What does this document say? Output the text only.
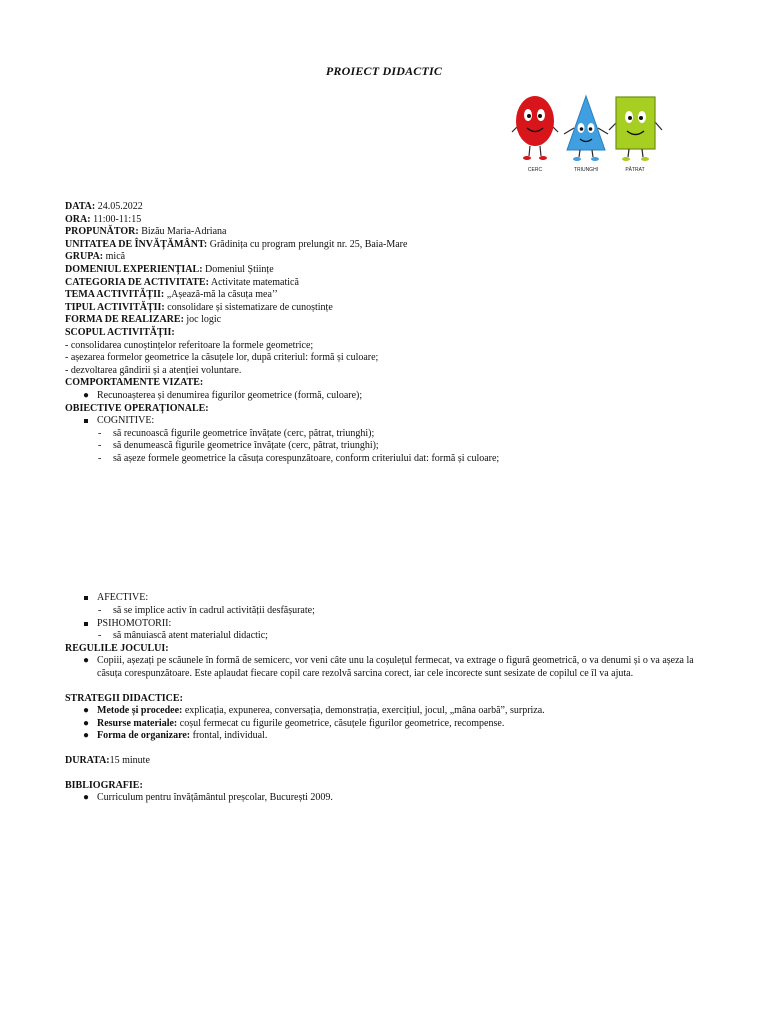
PROIECT DIDACTIC
CERC	TRIUNGHI	PĂTRAT
DATA: 24.05.2022
ORA: 11:00-11:15
PROPUNĂTOR: Bizău Maria-Adriana
UNITATEA DE ÎNVĂȚĂMÂNT: Grădinița cu program prelungit nr. 25, Baia-Mare
GRUPA: mică
DOMENIUL EXPERIENȚIAL: Domeniul Științe
CATEGORIA DE ACTIVITATE: Activitate matematică
TEMA ACTIVITĂȚII: „Așează-mă la căsuța mea’’
TIPUL ACTIVITĂȚII: consolidare și sistematizare de cunoștințe
FORMA DE REALIZARE: joc logic
SCOPUL ACTIVITĂȚII:
- consolidarea cunoștințelor referitoare la formele geometrice;
- așezarea formelor geometrice la căsuțele lor, după criteriul: formă și culoare;
- dezvoltarea gândirii și a atenției voluntare.
COMPORTAMENTE VIZATE:
● Recunoașterea și denumirea figurilor geometrice (formă, culoare);
OBIECTIVE OPERAȚIONALE:
COGNITIVE:
- să recunoască figurile geometrice învățate (cerc, pătrat, triunghi);
- să denumească figurile geometrice învățate (cerc, pătrat, triunghi);
- să așeze formele geometrice la căsuța corespunzătoare, conform criteriului dat: formă și culoare;
AFECTIVE:
- să se implice activ în cadrul activității desfășurate;
PSIHOMOTORII:
- să mânuiască atent materialul didactic;
REGULILE JOCULUI:
● Copiii, așezați pe scăunele în formă de semicerc, vor veni câte unu la coșulețul fermecat, va extrage o figură geometrică, o va denumi și o va așeza la căsuța corespunzătoare. Este aplaudat fiecare copil care rezolvă sarcina corect, iar cele incorecte sunt sesizate de copilul ce îl va ajuta.
STRATEGII DIDACTICE:
● Metode și procedee: explicația, expunerea, conversația, demonstrația, exercițiul, jocul, „mâna oarbă”, surpriza.
● Resurse materiale: coșul fermecat cu figurile geometrice, căsuțele figurilor geometrice, recompense.
● Forma de organizare: frontal, individual.
DURATA:15 minute
BIBLIOGRAFIE:
● Curriculum pentru învățământul preșcolar, București 2009.
